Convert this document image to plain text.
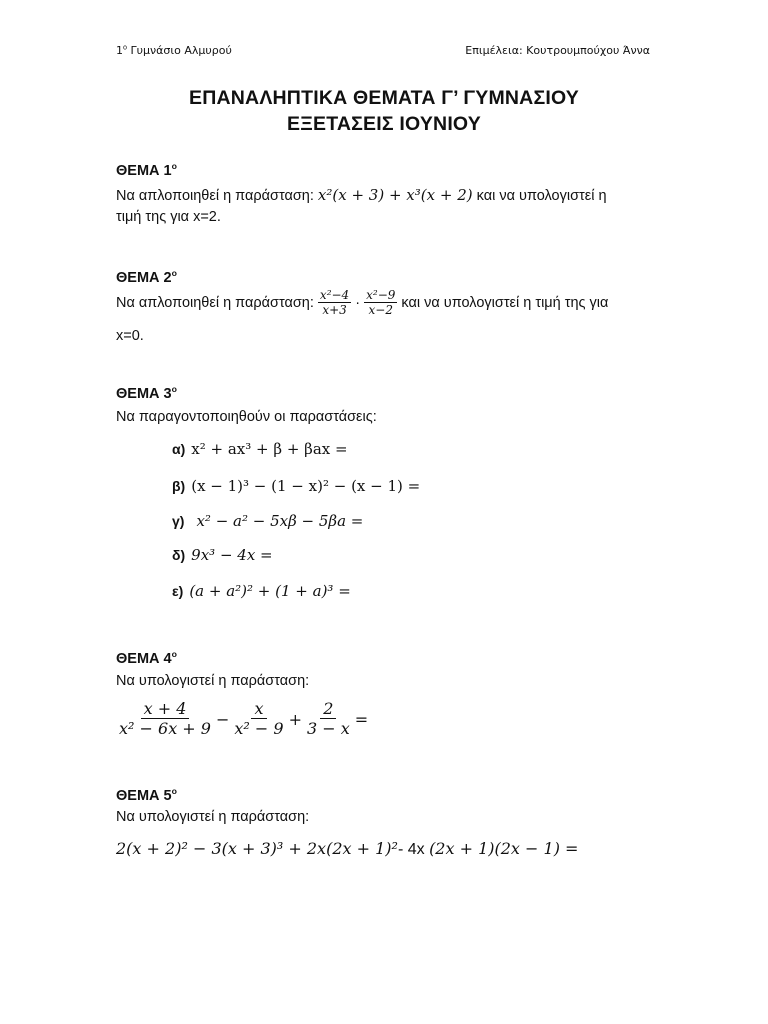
$1^o$ Γυμνάσιο Αλμυρού	Επιμέλεια: Κουτρουμπούχου Άννα
ΕΠΑΝΑΛΗΠΤΙΚΑ ΘΕΜΑΤΑ Γ’ ΓΥΜΝΑΣΙΟΥ
ΕΞΕΤΑΣΕΙΣ ΙΟΥΝΙΟΥ
ΘΕΜΑ $1^o$
Να απλοποιηθεί η παράσταση: 𝑥²(𝑥 + 3) + 𝑥³(𝑥 + 2) και να υπολογιστεί η
τιμή της για x=2.
ΘΕΜΑ $2^o$
Να απλοποιηθεί η παράσταση: $\frac{\text{x²−4}}{x+3} \cdot \frac{\text{x²−9}}{x-2}$ και να υπολογιστεί η τιμή της για
x=0.
ΘΕΜΑ $3^o$
Να παραγοντοποιηθούν οι παραστάσεις:
α) x² + ax³ + β + βax =
β) (x − 1)³ − (1 − x)² − (x − 1) =
γ) 𝑥² − 𝑎² − 5𝑥𝛽 − 5𝛽𝑎 =
δ) 9𝑥³ − 4𝑥 =
ε) (𝑎 + 𝑎²)² + (1 + 𝑎)³ =
ΘΕΜΑ $4^o$
Να υπολογιστεί η παράσταση:
$\frac{x + 4}{\text{x² − 6x + 9}} - \frac{x}{\text{x² − 9}} + \frac{2}{3 - x}$ =
ΘΕΜΑ $5^o$
Να υπολογιστεί η παράσταση:
2(𝑥 + 2)² − 3(𝑥 + 3)³ + 2𝑥(2𝑥 + 1)²- 4x (2𝑥 + 1)(2𝑥 − 1) =
